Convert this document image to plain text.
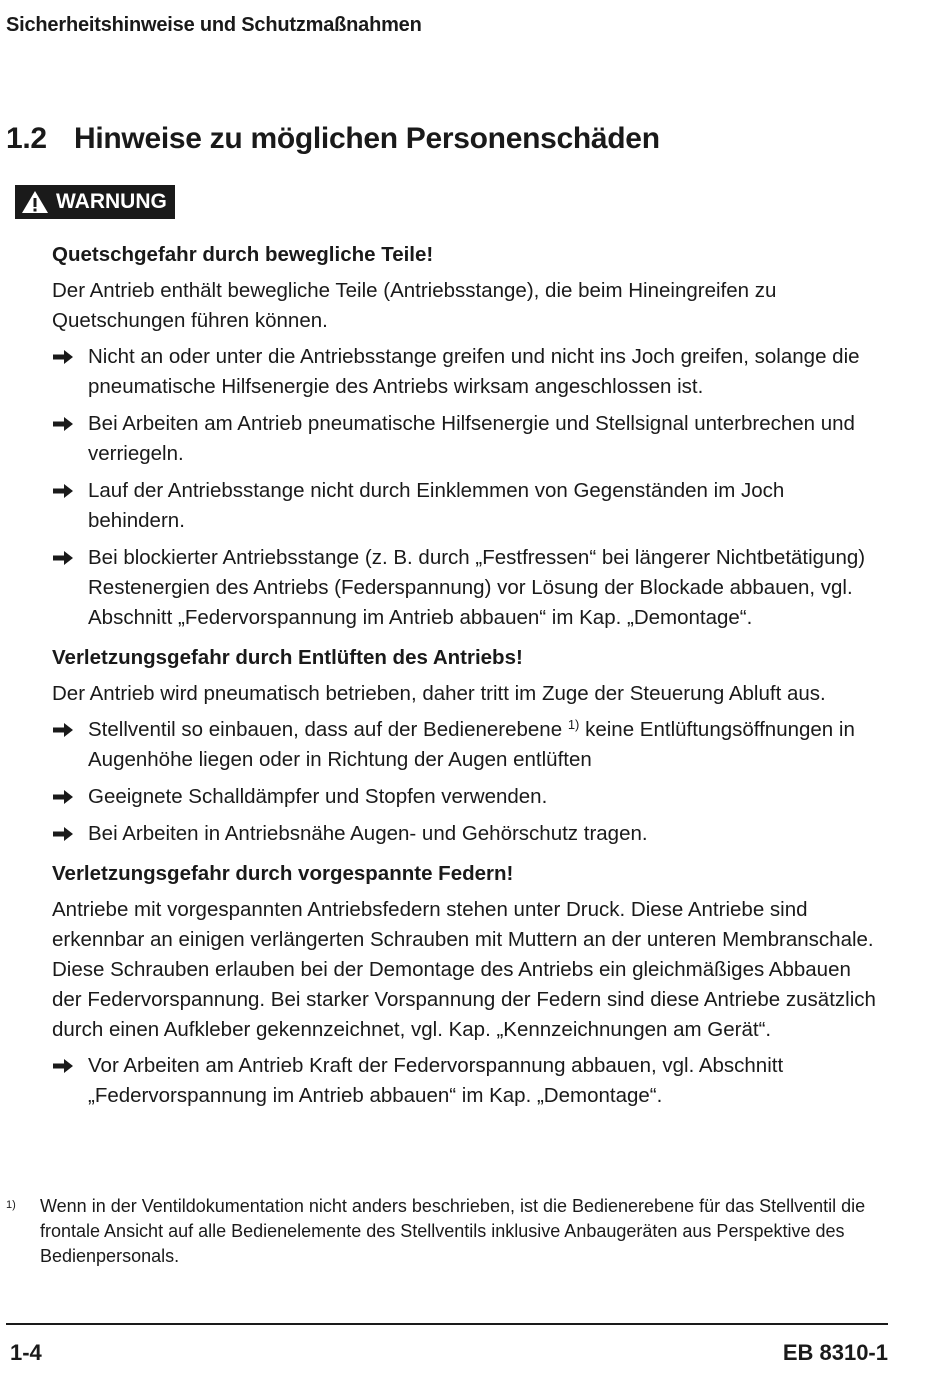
Sicherheitshinweise und Schutzmaßnahmen
1.2 Hinweise zu möglichen Personenschäden
WARNUNG
Quetschgefahr durch bewegliche Teile!
Der Antrieb enthält bewegliche Teile (Antriebsstange), die beim Hineingreifen zu Quetschungen führen können.
Nicht an oder unter die Antriebsstange greifen und nicht ins Joch greifen, solange die pneumatische Hilfsenergie des Antriebs wirksam angeschlossen ist.
Bei Arbeiten am Antrieb pneumatische Hilfsenergie und Stellsignal unterbrechen und verriegeln.
Lauf der Antriebsstange nicht durch Einklemmen von Gegenständen im Joch behindern.
Bei blockierter Antriebsstange (z. B. durch „Festfressen“ bei längerer Nichtbetätigung) Restenergien des Antriebs (Federspannung) vor Lösung der Blockade abbauen, vgl. Abschnitt „Federvorspannung im Antrieb abbauen“ im Kap. „Demontage“.
Verletzungsgefahr durch Entlüften des Antriebs!
Der Antrieb wird pneumatisch betrieben, daher tritt im Zuge der Steuerung Abluft aus.
Stellventil so einbauen, dass auf der Bedienerebene $^{1)}$ keine Entlüftungsöffnungen in Augenhöhe liegen oder in Richtung der Augen entlüften
Geeignete Schalldämpfer und Stopfen verwenden.
Bei Arbeiten in Antriebsnähe Augen- und Gehörschutz tragen.
Verletzungsgefahr durch vorgespannte Federn!
Antriebe mit vorgespannten Antriebsfedern stehen unter Druck. Diese Antriebe sind erkennbar an einigen verlängerten Schrauben mit Muttern an der unteren Membranschale. Diese Schrauben erlauben bei der Demontage des Antriebs ein gleichmäßiges Abbauen der Federvorspannung. Bei starker Vorspannung der Federn sind diese Antriebe zusätzlich durch einen Aufkleber gekennzeichnet, vgl. Kap. „Kennzeichnungen am Gerät“.
Vor Arbeiten am Antrieb Kraft der Federvorspannung abbauen, vgl. Abschnitt „Federvorspannung im Antrieb abbauen“ im Kap. „Demontage“.
1) Wenn in der Ventildokumentation nicht anders beschrieben, ist die Bedienerebene für das Stellventil die frontale Ansicht auf alle Bedienelemente des Stellventils inklusive Anbaugeräten aus Perspektive des Bedienpersonals.
1-4	EB 8310-1
